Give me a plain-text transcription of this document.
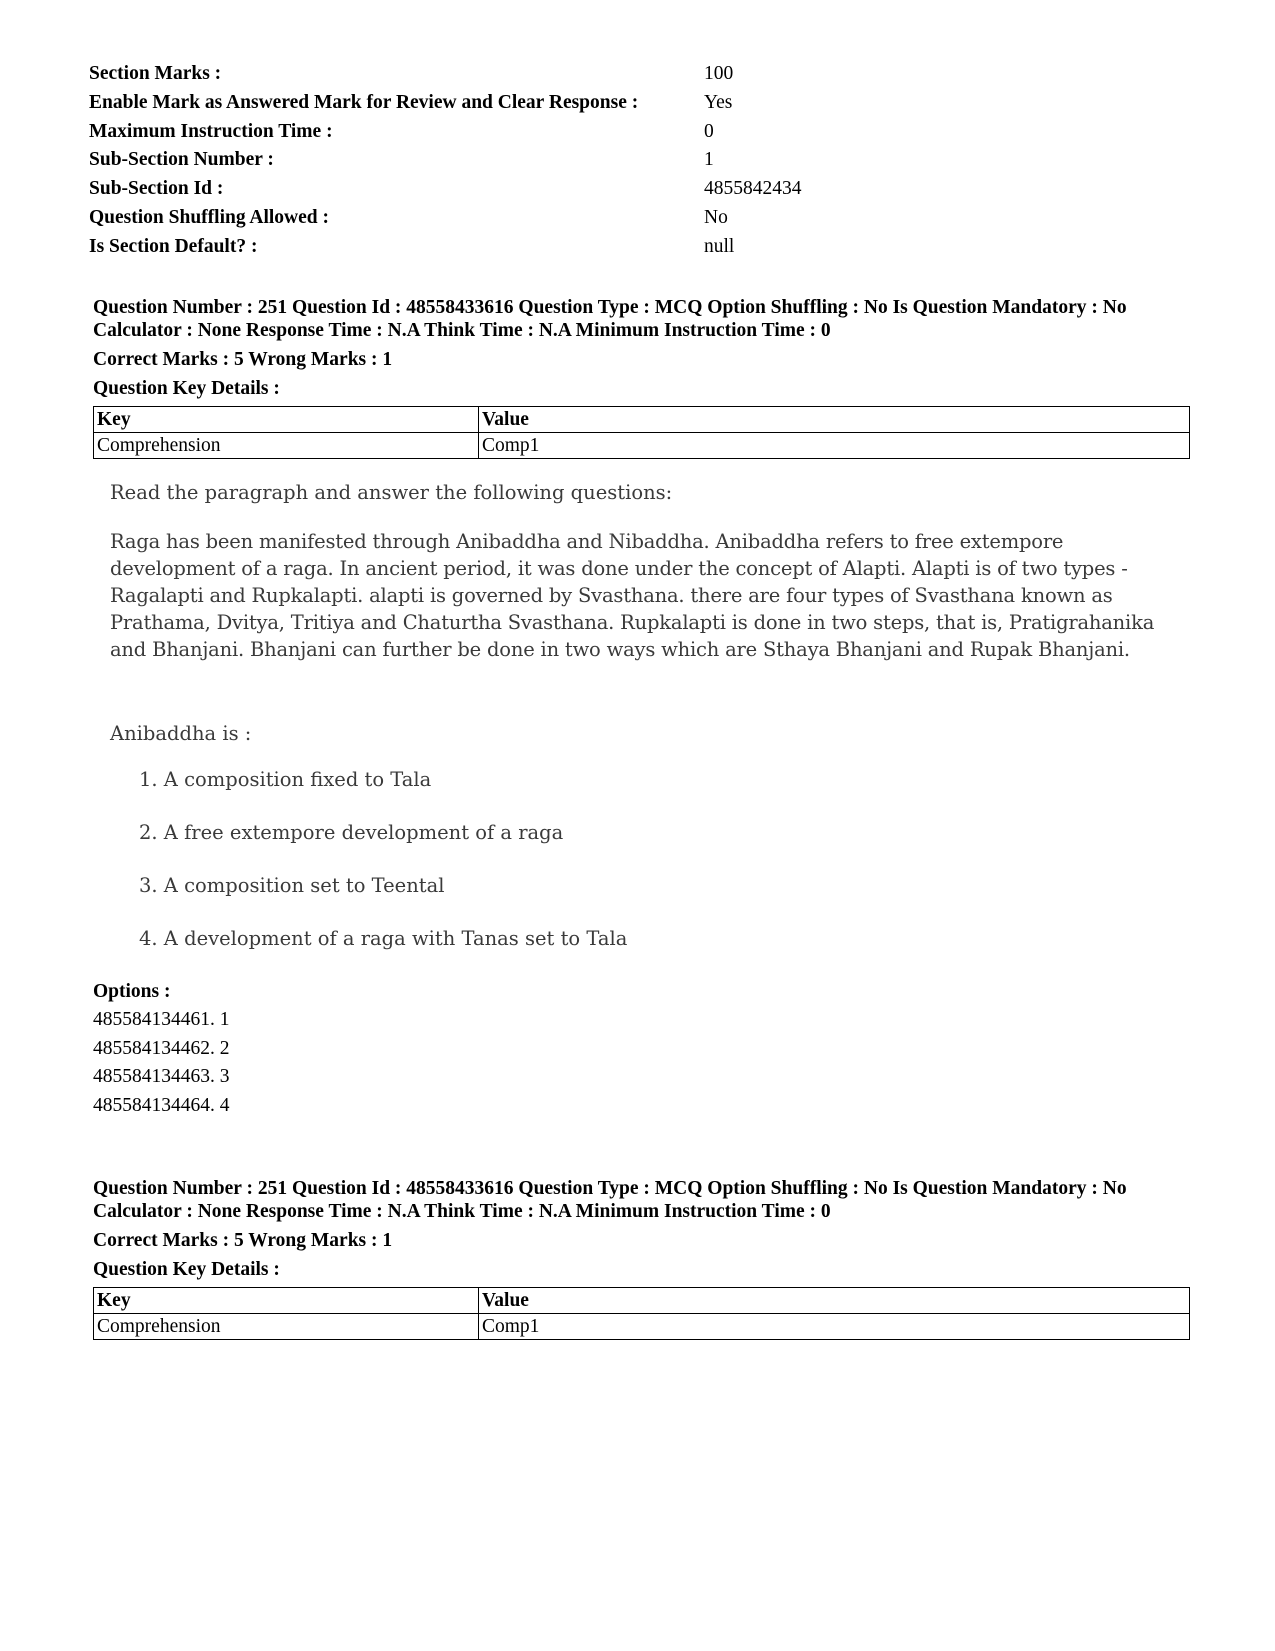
Section Marks :	100
Enable Mark as Answered Mark for Review and Clear Response :	Yes
Maximum Instruction Time :	0
Sub-Section Number :	1
Sub-Section Id :	4855842434
Question Shuffling Allowed :	No
Is Section Default? :	null

Question Number : 251 Question Id : 48558433616 Question Type : MCQ Option Shuffling : No Is Question Mandatory : No Calculator : None Response Time : N.A Think Time : N.A Minimum Instruction Time : 0

Correct Marks : 5 Wrong Marks : 1

Question Key Details :

Key	Value
Comprehension	Comp1

Read the paragraph and answer the following questions:

Raga has been manifested through Anibaddha and Nibaddha. Anibaddha refers to free extempore development of a raga. In ancient period, it was done under the concept of Alapti. Alapti is of two types - Ragalapti and Rupkalapti. alapti is governed by Svasthana. there are four types of Svasthana known as Prathama, Dvitya, Tritiya and Chaturtha Svasthana. Rupkalapti is done in two steps, that is, Pratigrahanika and Bhanjani. Bhanjani can further be done in two ways which are Sthaya Bhanjani and Rupak Bhanjani.

Anibaddha is :

1. A composition fixed to Tala
2. A free extempore development of a raga
3. A composition set to Teental
4. A development of a raga with Tanas set to Tala

Options :

485584134461. 1

485584134462. 2

485584134463. 3

485584134464. 4

Question Number : 251 Question Id : 48558433616 Question Type : MCQ Option Shuffling : No Is Question Mandatory : No Calculator : None Response Time : N.A Think Time : N.A Minimum Instruction Time : 0

Correct Marks : 5 Wrong Marks : 1

Question Key Details :

Key	Value
Comprehension	Comp1
